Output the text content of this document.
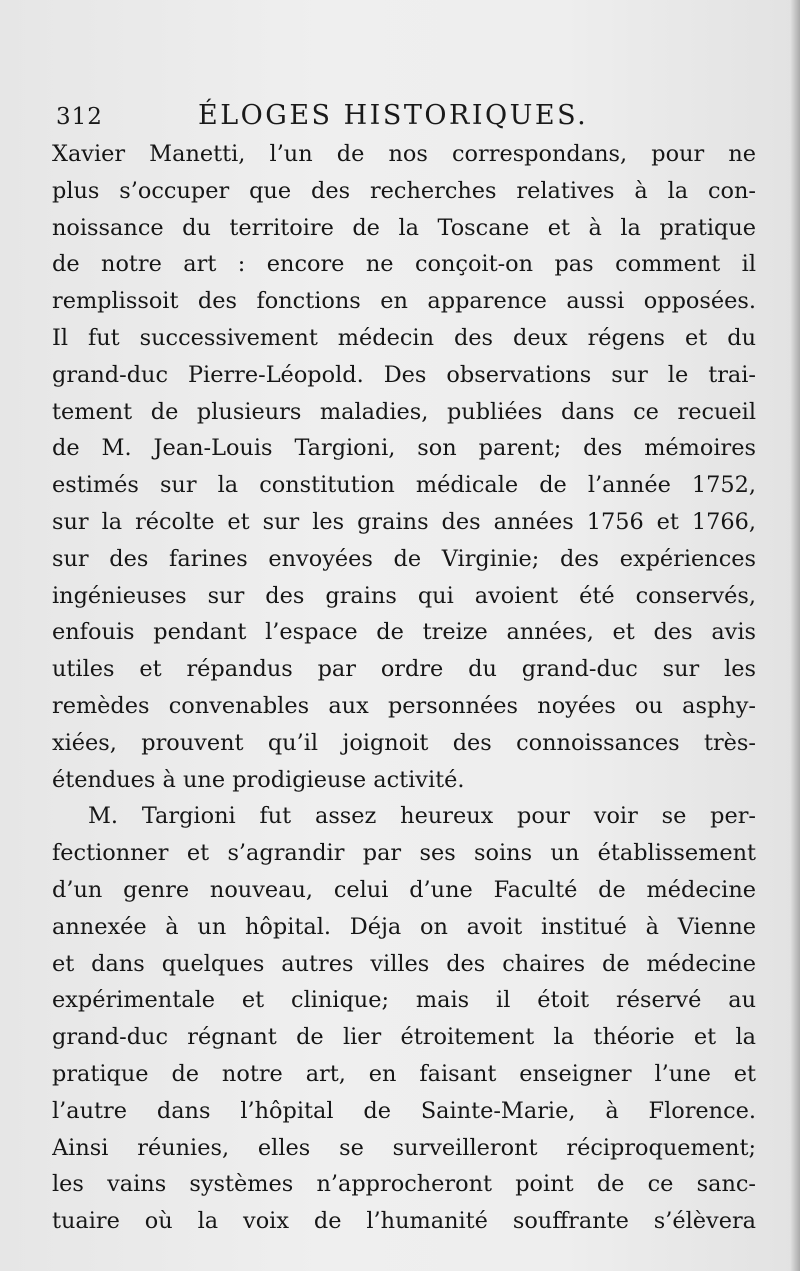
312	ÉLOGES HISTORIQUES.
Xavier Manetti, l’un de nos correspondans, pour ne
plus s’occuper que des recherches relatives à la con-
noissance du territoire de la Toscane et à la pratique
de notre art : encore ne conçoit-on pas comment il
remplissoit des fonctions en apparence aussi opposées.
Il fut successivement médecin des deux régens et du
grand-duc Pierre-Léopold. Des observations sur le trai-
tement de plusieurs maladies, publiées dans ce recueil
de M. Jean-Louis Targioni, son parent; des mémoires
estimés sur la constitution médicale de l’année 1752,
sur la récolte et sur les grains des années 1756 et 1766,
sur des farines envoyées de Virginie; des expériences
ingénieuses sur des grains qui avoient été conservés,
enfouis pendant l’espace de treize années, et des avis
utiles et répandus par ordre du grand-duc sur les
remèdes convenables aux personnées noyées ou asphy-
xiées, prouvent qu’il joignoit des connoissances très-
étendues à une prodigieuse activité.
M. Targioni fut assez heureux pour voir se per-
fectionner et s’agrandir par ses soins un établissement
d’un genre nouveau, celui d’une Faculté de médecine
annexée à un hôpital. Déja on avoit institué à Vienne
et dans quelques autres villes des chaires de médecine
expérimentale et clinique; mais il étoit réservé au
grand-duc régnant de lier étroitement la théorie et la
pratique de notre art, en faisant enseigner l’une et
l’autre dans l’hôpital de Sainte-Marie, à Florence.
Ainsi réunies, elles se surveilleront réciproquement;
les vains systèmes n’approcheront point de ce sanc-
tuaire où la voix de l’humanité souffrante s’élèvera
